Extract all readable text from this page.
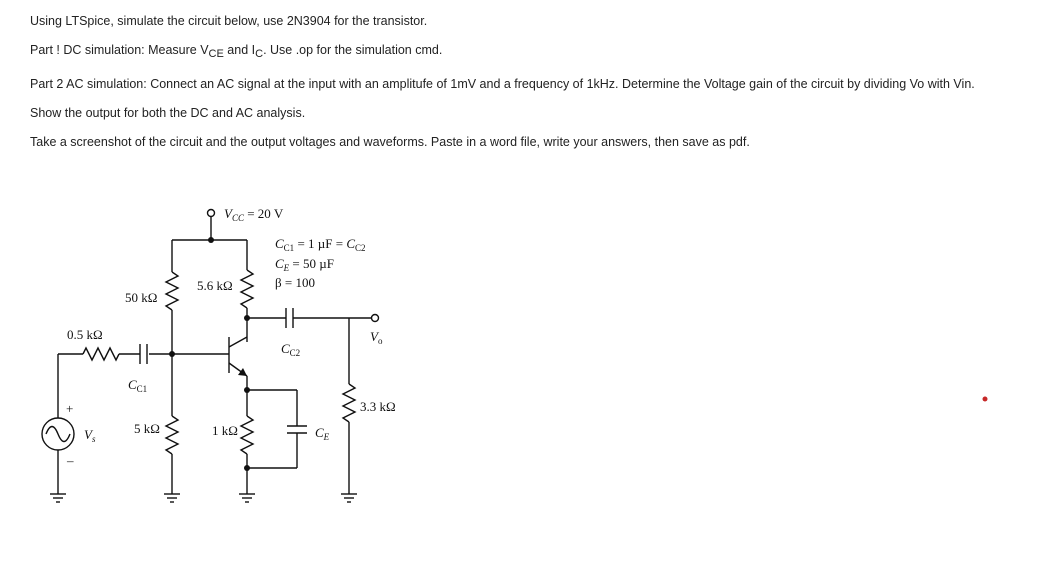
Using LTSpice, simulate the circuit below, use 2N3904 for the transistor.
Part ! DC simulation: Measure $V_{CE}$ and $I_C$. Use .op for the simulation cmd.
Part 2 AC simulation: Connect an AC signal at the input with an amplitufe of 1mV and a frequency of 1kHz. Determine the Voltage gain of the circuit by dividing Vo with Vin.
Show the output for both the DC and AC analysis.
Take a screenshot of the circuit and the output voltages and waveforms. Paste in a word file, write your answers, then save as pdf.
$V_{CC} = 20$ V
$C_{C1} = 1$ $\mu F = C_{C2}$
$C_E = 50$ µF
β = 100
50 kΩ
5.6 kΩ
$C_{C2}$
$V_o$
3.3 kΩ
1 kΩ	$C_E$
5 kΩ
$C_{C1}$
0.5 kΩ
+
–
$V_s$
